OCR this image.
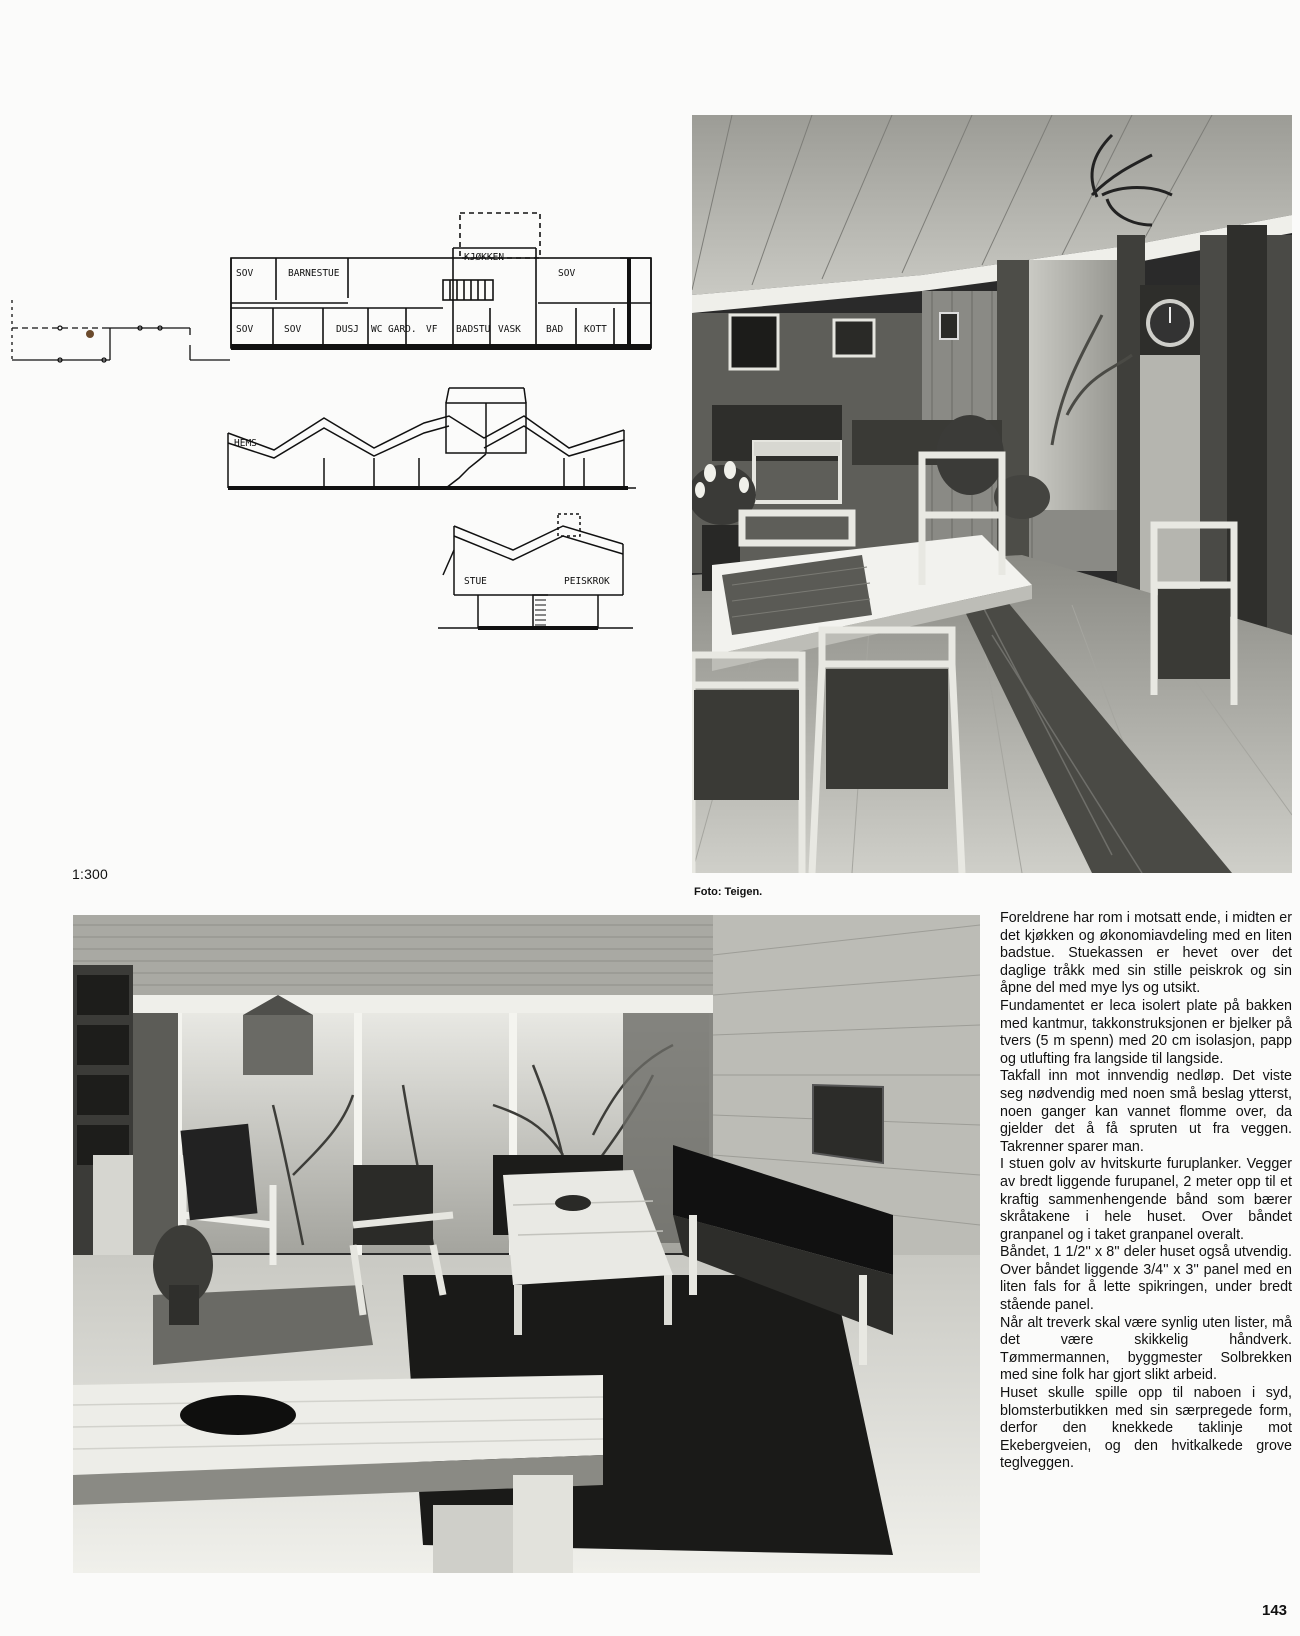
SOV	BARNESTUE
KJØKKEN
SOV
SOV	SOV	DUSJ WC GARD. VF BADSTU VASK	BAD KOTT
HEMS
STUE	PEISKROK
1:300
Foto: Teigen.

Foreldrene har rom i motsatt ende, i midten er det kjøkken og økonomiavdeling med en liten badstue. Stuekassen er hevet over det daglige tråkk med sin stille peiskrok og sin åpne del med mye lys og utsikt.

Fundamentet er leca isolert plate på bakken med kantmur, takkonstruksjonen er bjelker på tvers (5 m spenn) med 20 cm isolasjon, papp og utlufting fra langside til langside.

Takfall inn mot innvendig nedløp. Det viste seg nødvendig med noen små beslag ytterst, noen ganger kan vannet flomme over, da gjelder det å få spruten ut fra veggen. Takrenner sparer man.

I stuen golv av hvitskurte furuplanker. Vegger av bredt liggende furupanel, 2 meter opp til et kraftig sammenhengende bånd som bærer skråtakene i hele huset. Over båndet granpanel og i taket granpanel overalt.

Båndet, 1 1/2'' x 8'' deler huset også utvendig. Over båndet liggende 3/4'' x 3'' panel med en liten fals for å lette spikringen, under bredt stående panel.

Når alt treverk skal være synlig uten lister, må det være skikkelig håndverk. Tømmermannen, byggmester Solbrekken med sine folk har gjort slikt arbeid.

Huset skulle spille opp til naboen i syd, blomsterbutikken med sin særpregede form, derfor den knekkede taklinje mot Ekebergveien, og den hvitkalkede grove teglveggen.

143
